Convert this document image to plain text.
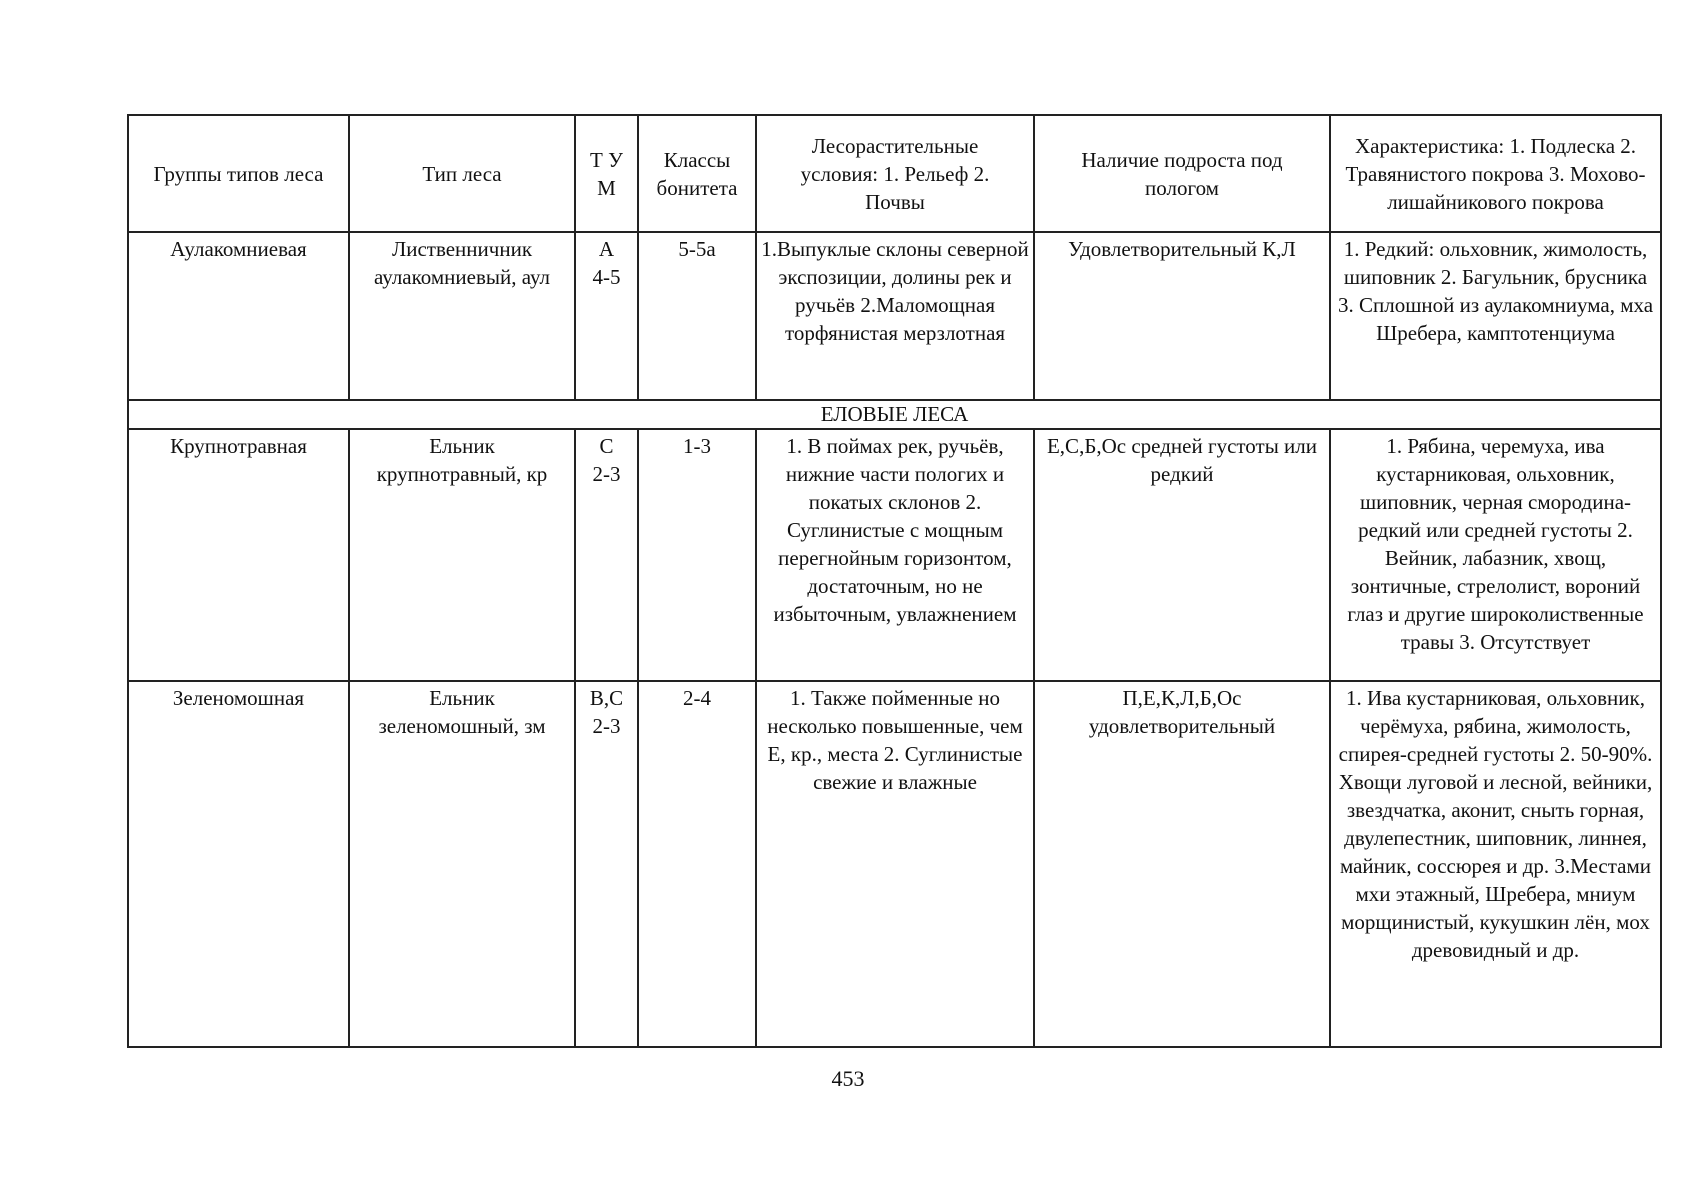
Группы типов леса	Тип леса	Т У М	Классы бонитета	Лесорастительные условия: 1. Рельеф 2. Почвы	Наличие подроста под пологом	Характеристика: 1. Подлеска 2. Травянистого покрова 3. Мохово-лишайникового покрова
Аулакомниевая	Лиственничник аулакомниевый, аул	А 4-5	5-5а	1.Выпуклые склоны северной экспозиции, долины рек и ручьёв 2.Маломощная торфянистая мерзлотная	Удовлетворительный К,Л	1. Редкий: ольховник, жимолость, шиповник 2. Багульник, брусника 3. Сплошной из аулакомниума, мха Шребера, камптотенциума
ЕЛОВЫЕ ЛЕСА						
Крупнотравная	Ельник крупнотравный, кр	С 2-3	1-3	1. В поймах рек, ручьёв, нижние части пологих и покатых склонов 2. Суглинистые с мощным перегнойным горизонтом, достаточным, но не избыточным, увлажнением	Е,С,Б,Ос средней густоты или редкий	1. Рябина, черемуха, ива кустарниковая, ольховник, шиповник, черная смородина-редкий или средней густоты 2. Вейник, лабазник, хвощ, зонтичные, стрелолист, вороний глаз и другие широколиственные травы 3. Отсутствует
Зеленомошная	Ельник зеленомошный, зм	В,С 2-3	2-4	1. Также пойменные но несколько повышенные, чем Е, кр., места 2. Суглинистые свежие и влажные	П,Е,К,Л,Б,Ос удовлетворительный	1. Ива кустарниковая, ольховник, черёмуха, рябина, жимолость, спирея-средней густоты 2. 50-90%. Хвощи луговой и лесной, вейники, звездчатка, аконит, сныть горная, двулепестник, шиповник, линнея, майник, соссюрея и др. 3.Местами мхи этажный, Шребера, мниум морщинистый, кукушкин лён, мох древовидный и др.
453
